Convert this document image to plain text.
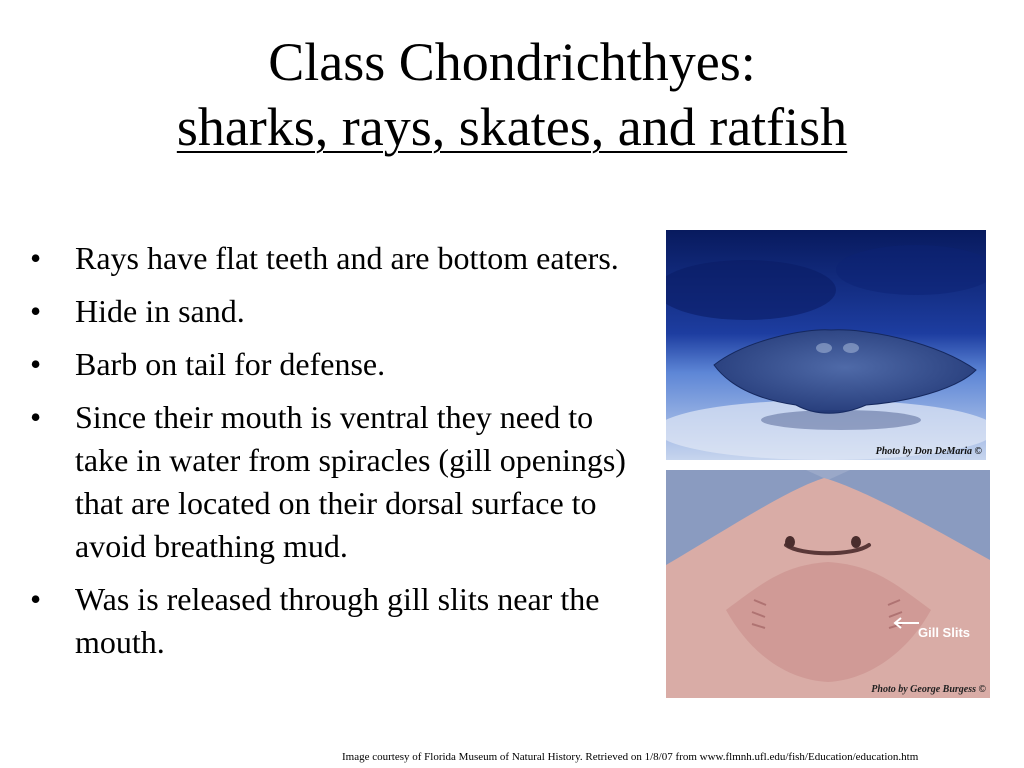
Class Chondrichthyes:
sharks, rays, skates, and ratfish
•	Rays have flat teeth and are bottom eaters.
•	Hide in sand.
•	Barb on tail for defense.
•	Since their mouth is ventral they need to take in water from spiracles (gill openings) that are located on their dorsal surface to avoid breathing mud.
•	Was is released through gill slits near the mouth.
Photo by Don DeMaria ©
Gill Slits
Photo by George Burgess ©
Image courtesy of Florida Museum of Natural History. Retrieved on 1/8/07 from www.flmnh.ufl.edu/fish/Education/education.htm
